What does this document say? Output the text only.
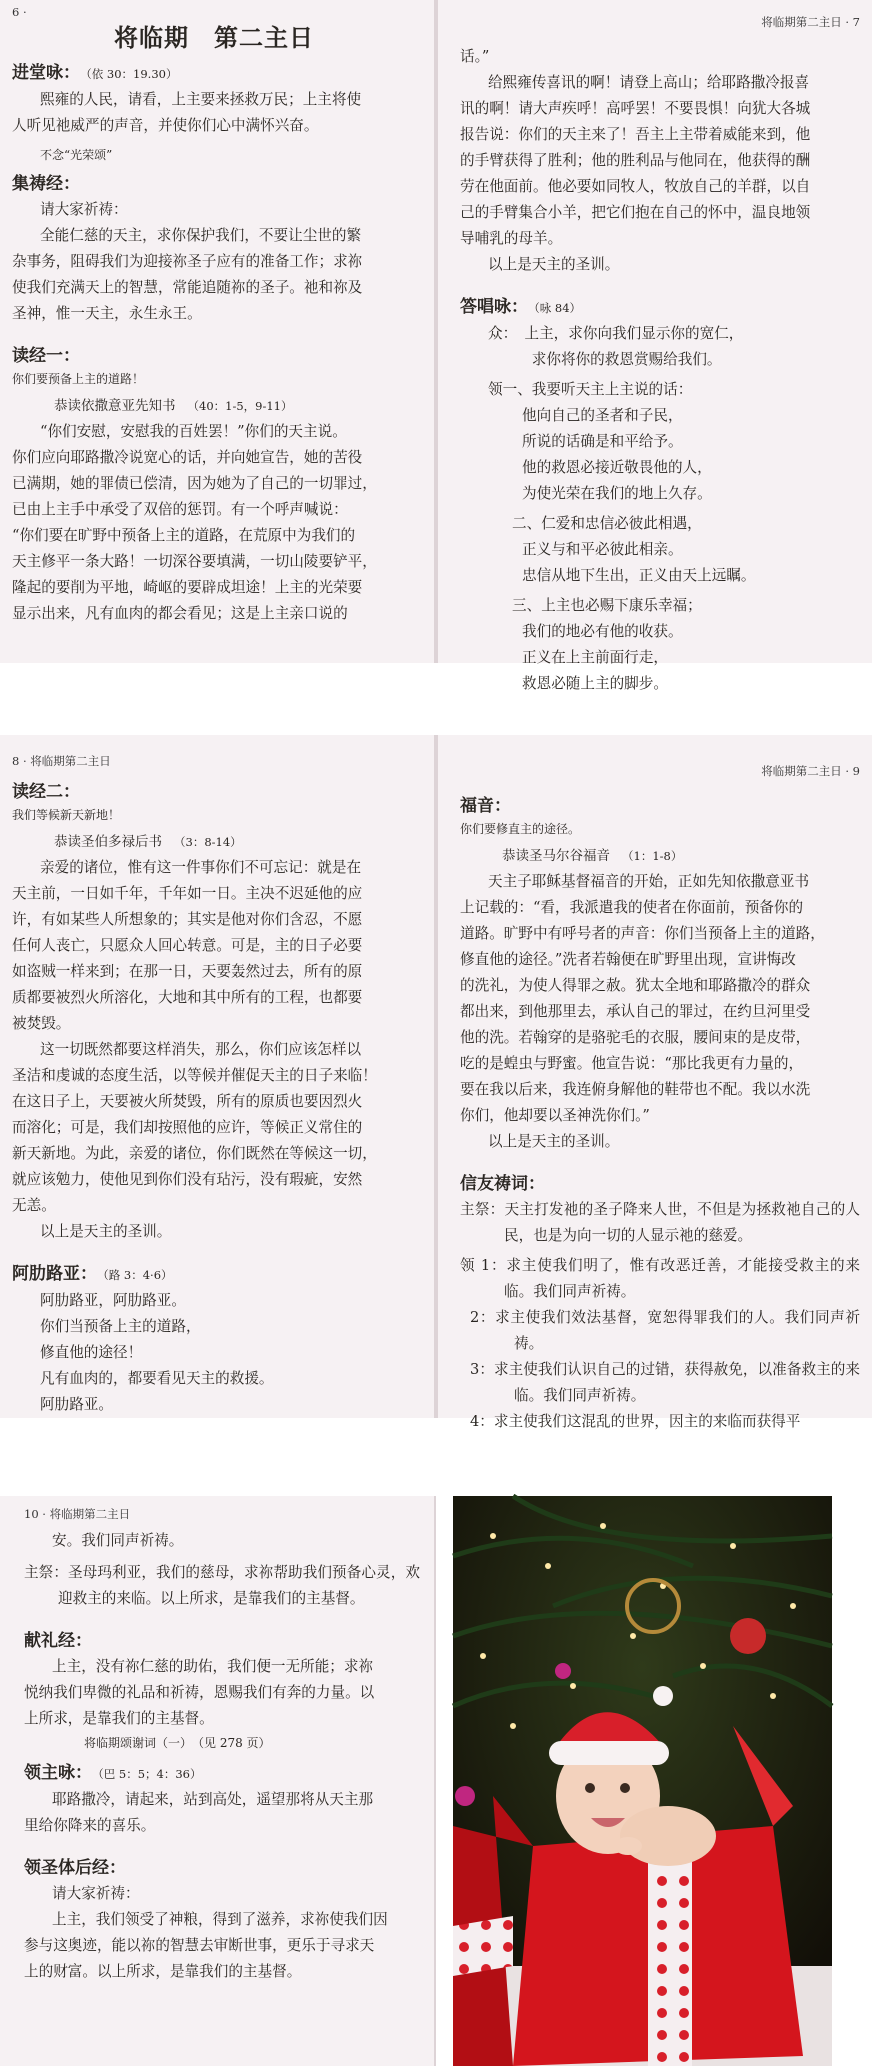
6 ·
将临期　第二主日
进堂咏： （依 30：19.30）
熙雍的人民，请看，上主要来拯救万民；上主将使
人听见祂威严的声音，并使你们心中满怀兴奋。
不念“光荣颂”
集祷经：
请大家祈祷：
全能仁慈的天主，求你保护我们，不要让尘世的繁
杂事务，阻碍我们为迎接祢圣子应有的准备工作；求祢
使我们充满天上的智慧，常能追随祢的圣子。祂和祢及
圣神，惟一天主，永生永王。
读经一：
你们要预备上主的道路！
恭读依撒意亚先知书 （40：1-5，9-11）
“你们安慰，安慰我的百姓罢！”你们的天主说。
你们应向耶路撒冷说宽心的话，并向她宣告，她的苦役
已满期，她的罪债已偿清，因为她为了自己的一切罪过，
已由上主手中承受了双倍的惩罚。有一个呼声喊说：
“你们要在旷野中预备上主的道路，在荒原中为我们的
天主修平一条大路！一切深谷要填满，一切山陵要铲平，
隆起的要削为平地，崎岖的要辟成坦途！上主的光荣要
显示出来，凡有血肉的都会看见；这是上主亲口说的
将临期第二主日 · 7
话。”
给熙雍传喜讯的啊！请登上高山；给耶路撒冷报喜
讯的啊！请大声疾呼！高呼罢！不要畏惧！向犹大各城
报告说：你们的天主来了！吾主上主带着威能来到，他
的手臂获得了胜利；他的胜利品与他同在，他获得的酬
劳在他面前。他必要如同牧人，牧放自己的羊群，以自
己的手臂集合小羊，把它们抱在自己的怀中，温良地领
导哺乳的母羊。
以上是天主的圣训。
答唱咏： （咏 84）
众：　上主，求你向我们显示你的宽仁，
　　　求你将你的救恩赏赐给我们。
领一、我要听天主上主说的话：
他向自己的圣者和子民，
所说的话确是和平给予。
他的救恩必接近敬畏他的人，
为使光荣在我们的地上久存。
二、仁爱和忠信必彼此相遇，
正义与和平必彼此相亲。
忠信从地下生出，正义由天上远瞩。
三、上主也必赐下康乐幸福；
我们的地必有他的收获。
正义在上主前面行走，
救恩必随上主的脚步。
8 · 将临期第二主日
读经二：
我们等候新天新地！
恭读圣伯多禄后书 （3：8-14）
亲爱的诸位，惟有这一件事你们不可忘记：就是在
天主前，一日如千年，千年如一日。主决不迟延他的应
许，有如某些人所想象的；其实是他对你们含忍，不愿
任何人丧亡，只愿众人回心转意。可是，主的日子必要
如盗贼一样来到；在那一日，天要轰然过去，所有的原
质都要被烈火所溶化，大地和其中所有的工程，也都要
被焚毁。
这一切既然都要这样消失，那么，你们应该怎样以
圣洁和虔诚的态度生活，以等候并催促天主的日子来临！
在这日子上，天要被火所焚毁，所有的原质也要因烈火
而溶化；可是，我们却按照他的应许，等候正义常住的
新天新地。为此，亲爱的诸位，你们既然在等候这一切，
就应该勉力，使他见到你们没有玷污，没有瑕疵，安然
无恙。
以上是天主的圣训。
阿肋路亚： （路 3：4·6）
阿肋路亚，阿肋路亚。
你们当预备上主的道路，
修直他的途径！
凡有血肉的，都要看见天主的救援。
阿肋路亚。
将临期第二主日 · 9
福音：
你们要修直主的途径。
恭读圣马尔谷福音 （1：1-8）
天主子耶稣基督福音的开始，正如先知依撒意亚书
上记载的：“看，我派遣我的使者在你面前，预备你的
道路。旷野中有呼号者的声音：你们当预备上主的道路，
修直他的途径。”洗者若翰便在旷野里出现，宣讲悔改
的洗礼，为使人得罪之赦。犹太全地和耶路撒冷的群众
都出来，到他那里去，承认自己的罪过，在约旦河里受
他的洗。若翰穿的是骆驼毛的衣服，腰间束的是皮带，
吃的是蝗虫与野蜜。他宣告说：“那比我更有力量的，
要在我以后来，我连俯身解他的鞋带也不配。我以水洗
你们，他却要以圣神洗你们。”
以上是天主的圣训。
信友祷词：
主祭：天主打发祂的圣子降来人世，不但是为拯救祂自己的人民，也是为向一切的人显示祂的慈爱。
领 1：求主使我们明了，惟有改恶迁善，才能接受救主的来临。我们同声祈祷。
2：求主使我们效法基督，宽恕得罪我们的人。我们同声祈祷。
3：求主使我们认识自己的过错，获得赦免，以准备救主的来临。我们同声祈祷。
4：求主使我们这混乱的世界，因主的来临而获得平
10 · 将临期第二主日
安。我们同声祈祷。
主祭：圣母玛利亚，我们的慈母，求祢帮助我们预备心灵，欢迎救主的来临。以上所求，是靠我们的主基督。
献礼经：
上主，没有祢仁慈的助佑，我们便一无所能；求祢
悦纳我们卑微的礼品和祈祷，恩赐我们有奔的力量。以
上所求，是靠我们的主基督。
将临期颂谢词（一）　（见 278 页）
领主咏： （巴 5：5；4：36）
耶路撒冷，请起来，站到高处，遥望那将从天主那
里给你降来的喜乐。
领圣体后经：
请大家祈祷：
上主，我们领受了神粮，得到了滋养，求祢使我们因
参与这奥迹，能以祢的智慧去审断世事，更乐于寻求天
上的财富。以上所求，是靠我们的主基督。
